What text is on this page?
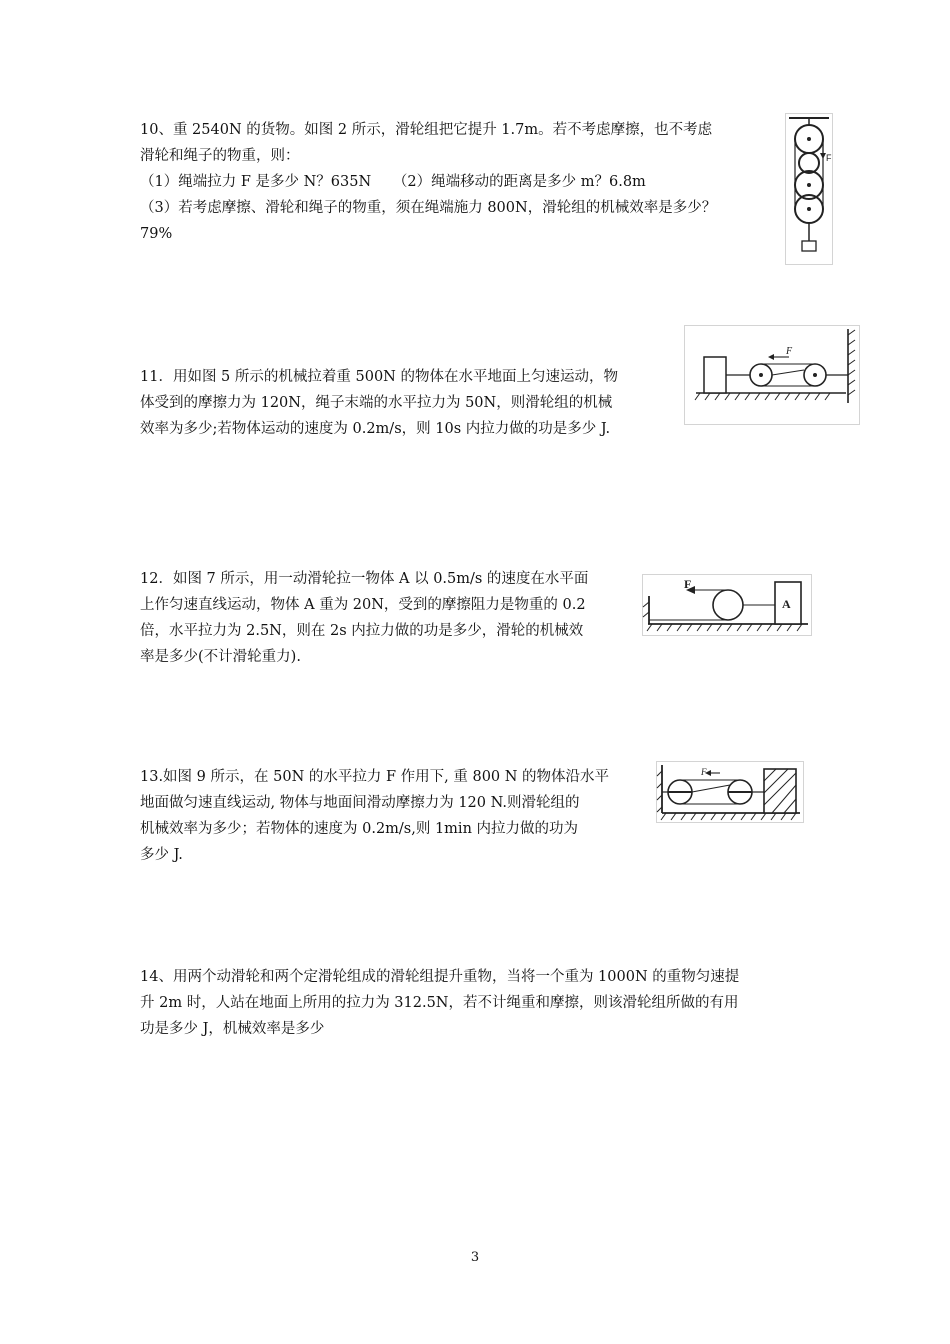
10、重 2540N 的货物。如图 2 所示，滑轮组把它提升 1.7m。若不考虑摩擦，也不考虑

滑轮和绳子的物重，则：

（1）绳端拉力 F 是多少 N？635N　　（2）绳端移动的距离是多少 m？6.8m

（3）若考虑摩擦、滑轮和绳子的物重，须在绳端施力 800N，滑轮组的机械效率是多少？

79%

F

11．用如图 5 所示的机械拉着重 500N 的物体在水平地面上匀速运动，物

体受到的摩擦力为 120N，绳子末端的水平拉力为 50N，则滑轮组的机械

效率为多少;若物体运动的速度为 0.2m/s，则 10s 内拉力做的功是多少 J.

F

12．如图 7 所示，用一动滑轮拉一物体 A 以 0.5m/s 的速度在水平面

上作匀速直线运动，物体 A 重为 20N，受到的摩擦阻力是物重的 0.2

倍，水平拉力为 2.5N，则在 2s 内拉力做的功是多少，滑轮的机械效

率是多少(不计滑轮重力).

F
A

13.如图 9 所示，在 50N 的水平拉力 F 作用下, 重 800 N 的物体沿水平

地面做匀速直线运动, 物体与地面间滑动摩擦力为 120 N.则滑轮组的

机械效率为多少；若物体的速度为 0.2m/s,则 1min 内拉力做的功为

多少 J.

F

14、用两个动滑轮和两个定滑轮组成的滑轮组提升重物，当将一个重为 1000N 的重物匀速提

升 2m 时，人站在地面上所用的拉力为 312.5N，若不计绳重和摩擦，则该滑轮组所做的有用

功是多少 J，机械效率是多少

3
